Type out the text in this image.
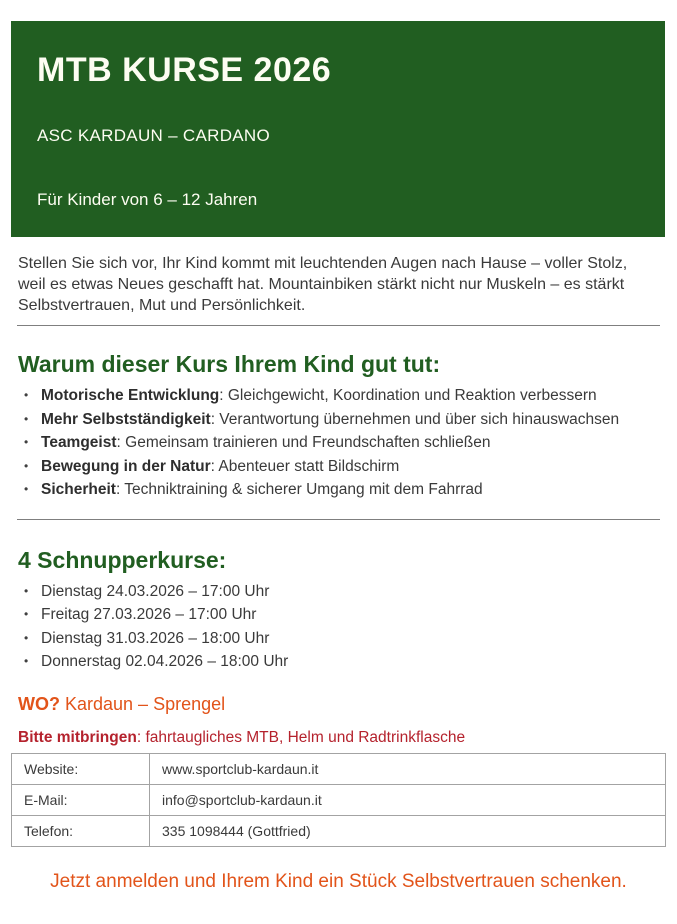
MTB KURSE 2026
ASC KARDAUN – CARDANO
Für Kinder von 6 – 12 Jahren

Stellen Sie sich vor, Ihr Kind kommt mit leuchtenden Augen nach Hause – voller Stolz, weil es etwas Neues geschafft hat. Mountainbiken stärkt nicht nur Muskeln – es stärkt Selbstvertrauen, Mut und Persönlichkeit.

Warum dieser Kurs Ihrem Kind gut tut:
• Motorische Entwicklung: Gleichgewicht, Koordination und Reaktion verbessern
• Mehr Selbstständigkeit: Verantwortung übernehmen und über sich hinauswachsen
• Teamgeist: Gemeinsam trainieren und Freundschaften schließen
• Bewegung in der Natur: Abenteuer statt Bildschirm
• Sicherheit: Techniktraining & sicherer Umgang mit dem Fahrrad
4 Schnupperkurse:
• Dienstag 24.03.2026 – 17:00 Uhr
• Freitag 27.03.2026 – 17:00 Uhr
• Dienstag 31.03.2026 – 18:00 Uhr
• Donnerstag 02.04.2026 – 18:00 Uhr
WO? Kardaun – Sprengel
Bitte mitbringen: fahrtaugliches MTB, Helm und Radtrinkflasche
Website:	www.sportclub-kardaun.it
E-Mail:	info@sportclub-kardaun.it
Telefon:	335 1098444 (Gottfried)

Jetzt anmelden und Ihrem Kind ein Stück Selbstvertrauen schenken.
